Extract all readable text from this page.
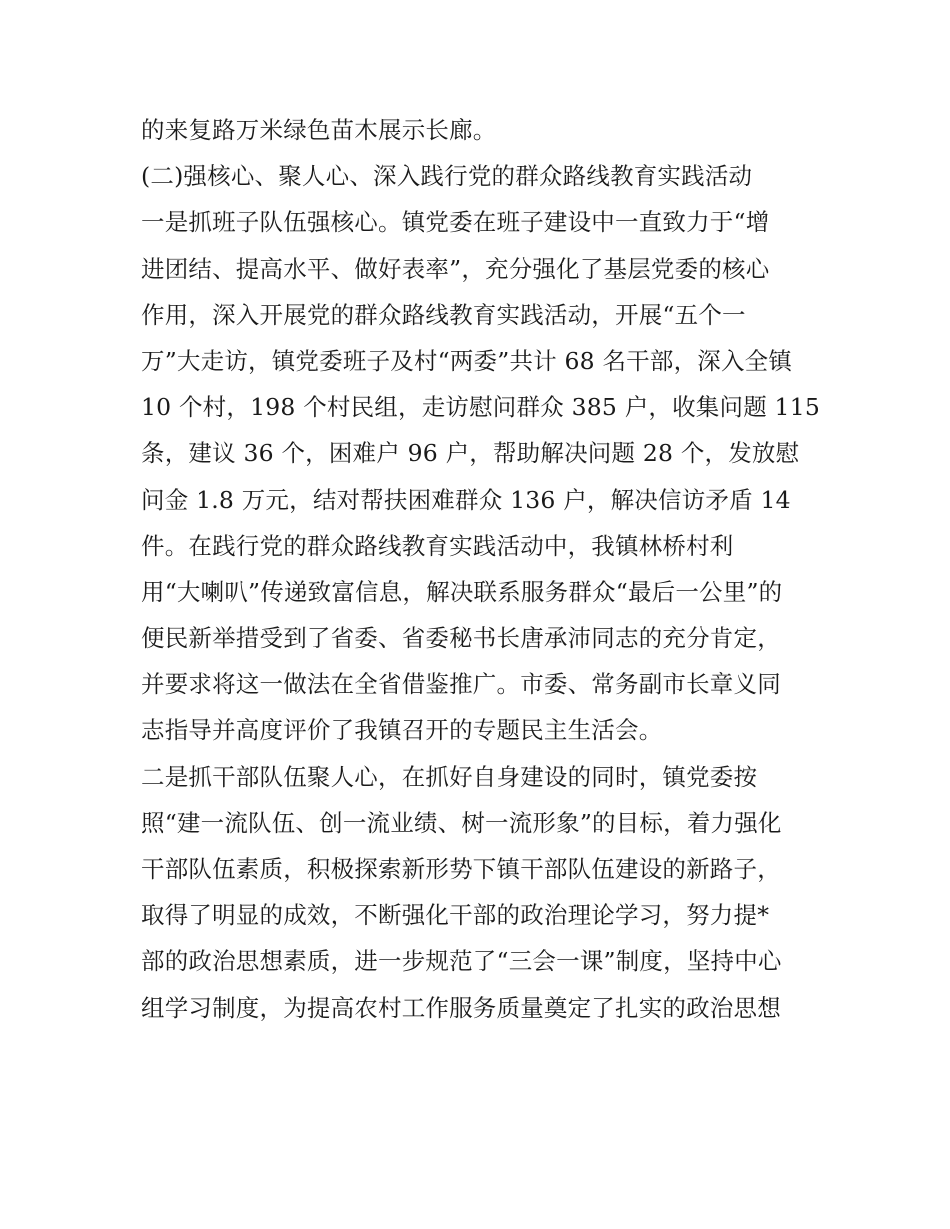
的来复路万米绿色苗木展示长廊。
(二)强核心、聚人心、深入践行党的群众路线教育实践活动
一是抓班子队伍强核心。镇党委在班子建设中一直致力于“增
进团结、提高水平、做好表率”，充分强化了基层党委的核心
作用，深入开展党的群众路线教育实践活动，开展“五个一
万”大走访，镇党委班子及村“两委”共计 68 名干部，深入全镇
10 个村，198 个村民组，走访慰问群众 385 户，收集问题 115
条，建议 36 个，困难户 96 户，帮助解决问题 28 个，发放慰
问金 1.8 万元，结对帮扶困难群众 136 户，解决信访矛盾 14
件。在践行党的群众路线教育实践活动中，我镇林桥村利
用“大喇叭”传递致富信息，解决联系服务群众“最后一公里”的
便民新举措受到了省委、省委秘书长唐承沛同志的充分肯定，
并要求将这一做法在全省借鉴推广。市委、常务副市长章义同
志指导并高度评价了我镇召开的专题民主生活会。
二是抓干部队伍聚人心，在抓好自身建设的同时，镇党委按
照“建一流队伍、创一流业绩、树一流形象”的目标，着力强化
干部队伍素质，积极探索新形势下镇干部队伍建设的新路子，
取得了明显的成效，不断强化干部的政治理论学习，努力提*
部的政治思想素质，进一步规范了“三会一课”制度，坚持中心
组学习制度，为提高农村工作服务质量奠定了扎实的政治思想
